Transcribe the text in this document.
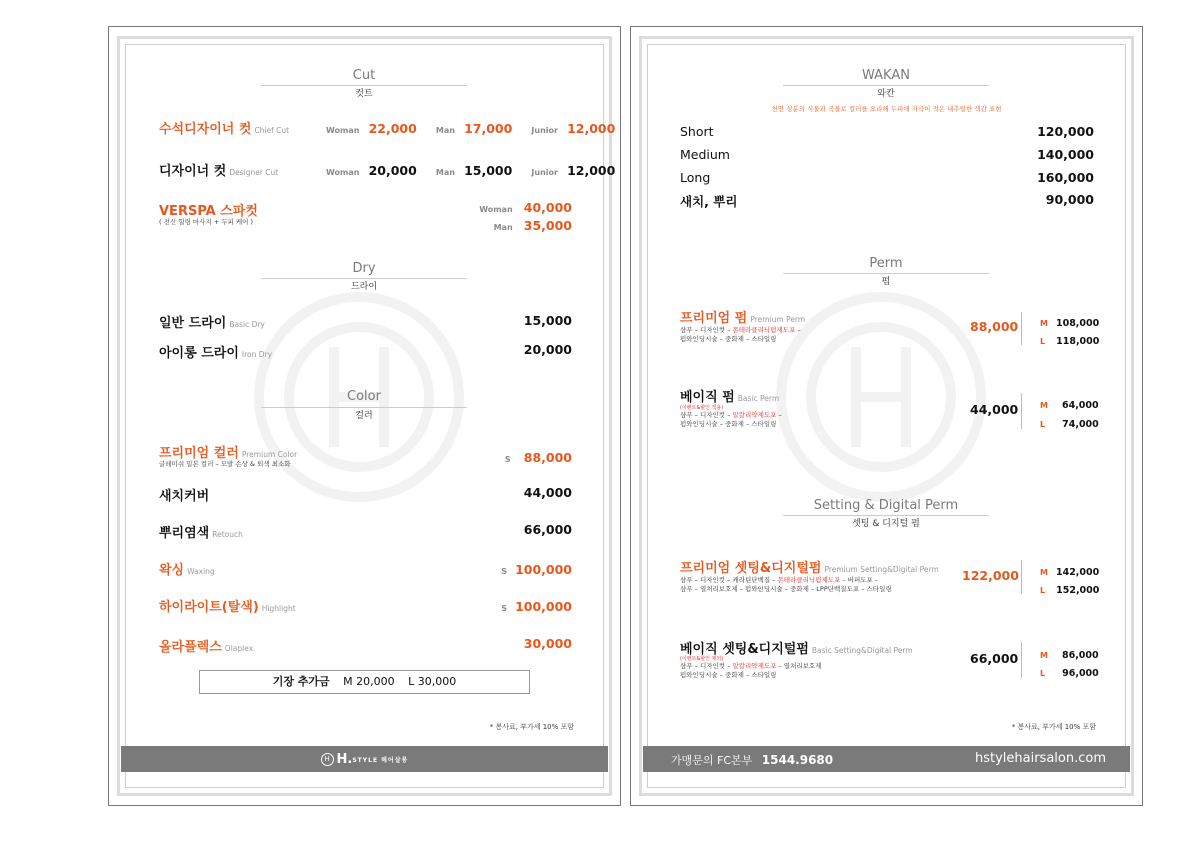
Cut
컷트
수석디자이너 컷 Chief Cut	Woman 22,000 Man 17,000 Junior 12,000
디자이너 컷 Designer Cut	Woman 20,000 Man 15,000 Junior 12,000
VERSPA 스파컷
( 전신 힐링 마사지 + 두피 케어 )
Woman 40,000
Man 35,000
Dry
드라이
일반 드라이 Basic Dry	15,000
아이롱 드라이 Iron Dry	20,000
Color
컬러
프리미엄 컬러 Premium Color
글레미쉬 밀본 컬러 – 모발 손상 & 퇴색 최소화	S 88,000
새치커버	44,000
뿌리염색 Retouch	66,000
왁싱 Waxing	S 100,000
하이라이트(탈색) Highlight	S 100,000
올라플렉스 Olaplex	30,000
기장 추가금 M 20,000 L 30,000
* 봉사료, 부가세 10% 포함
H H.STYLE 헤어살롱
WAKAN
와칸
천연 성분의 식물과 곡물로 컬러를 요리해 두피에 자극이 적은 내추럴한 색감 표현
Short	120,000
Medium	140,000
Long	160,000
새치, 뿌리	90,000
Perm
펌
프리미엄 펌 Premium Perm
샴푸 – 디자인컷 – 몬테라클리닉펌제도포 –
펌와인딩시술 – 중화제 – 스타일링
88,000	M 108,000
L 118,000
베이직 펌 Basic Perm
(이벤트&할인 적용)
샴푸 – 디자인컷 – 알칼리약제도포 –
펌와인딩시술 – 중화제 – 스타일링
44,000	M 64,000
L 74,000
Setting & Digital Perm
셋팅 & 디지털 펌
프리미엄 셋팅&디지털펌 Premium Setting&Digital Perm
샴푸 – 디자인컷 – 케라틴단백질 – 몬테라클리닉펌제도포 – 버퍼도포 –
샴푸 – 열처리보호제 – 펌와인딩시술 – 중화제 – LPP단백질도포 – 스타일링
122,000	M 142,000
L 152,000
베이직 셋팅&디지털펌 Basic Setting&Digital Perm
(이벤트&할인 제외)
샴푸 – 디자인컷 – 알칼리약제도포 – 열처리보호제
펌와인딩시술 – 중화제 – 스타일링
66,000	M 86,000
L 96,000
* 봉사료, 부가세 10% 포함
가맹문의 FC본부 1544.9680	hstylehairsalon.com
